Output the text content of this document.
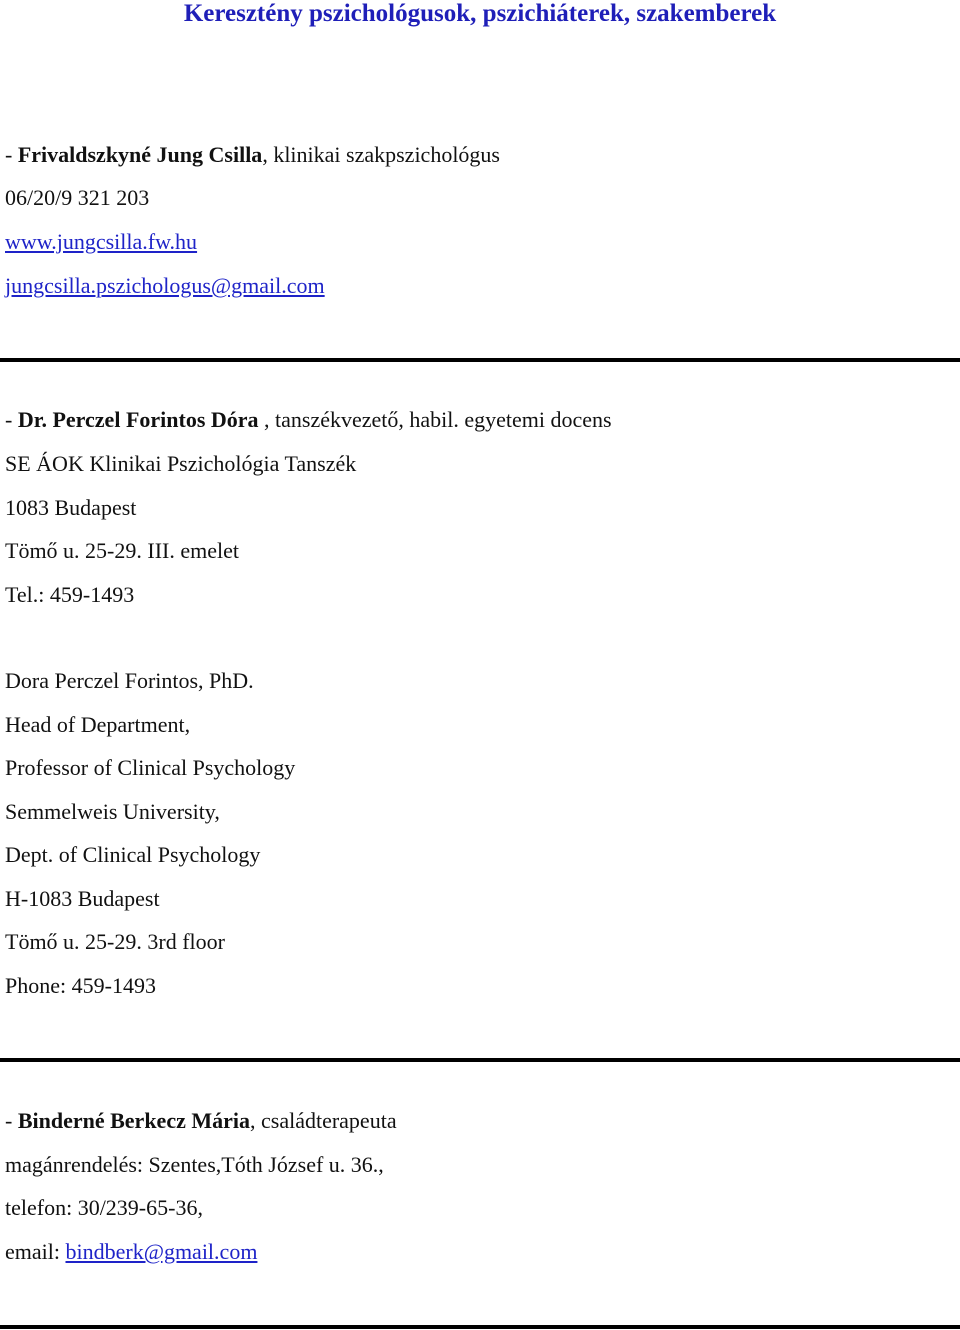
Keresztény pszichológusok, pszichiáterek, szakemberek
- Frivaldszkyné Jung Csilla, klinikai szakpszichológus
06/20/9 321 203
www.jungcsilla.fw.hu
jungcsilla.pszichologus@gmail.com
- Dr. Perczel Forintos Dóra , tanszékvezető, habil. egyetemi docens
SE ÁOK Klinikai Pszichológia Tanszék
1083 Budapest
Tömő u. 25-29. III. emelet
Tel.: 459-1493
Dora Perczel Forintos, PhD.
Head of Department,
Professor of Clinical Psychology
Semmelweis University,
Dept. of Clinical Psychology
H-1083 Budapest
Tömő u. 25-29. 3rd floor
Phone: 459-1493
- Binderné Berkecz Mária, családterapeuta
magánrendelés: Szentes,Tóth József u. 36.,
telefon: 30/239-65-36,
email: bindberk@gmail.com
